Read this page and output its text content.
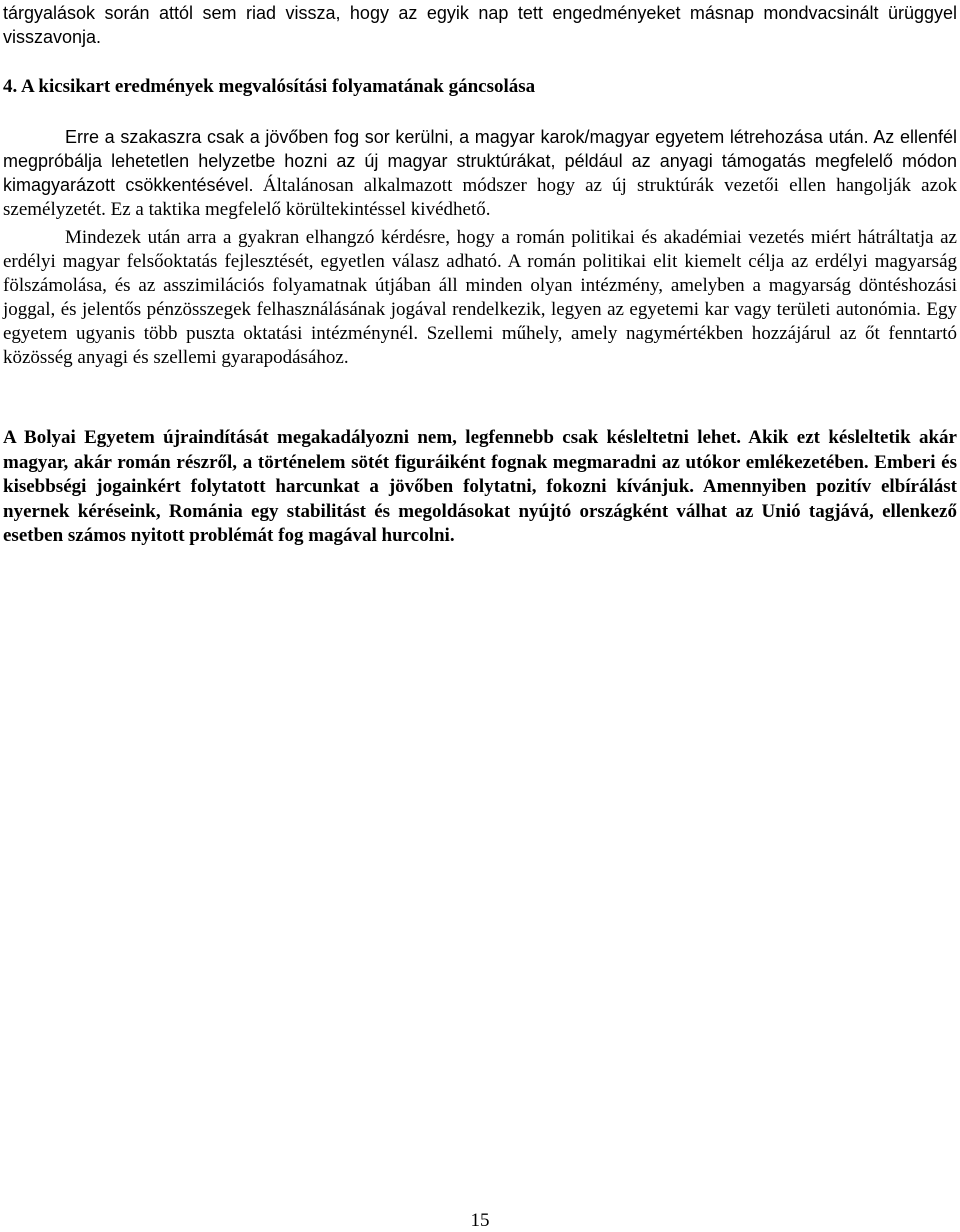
tárgyalások során attól sem riad vissza, hogy az egyik nap tett engedményeket másnap mondvacsinált ürüggyel visszavonja.

4. A kicsikart eredmények megvalósítási folyamatának gáncsolása

Erre a szakaszra csak a jövőben fog sor kerülni, a magyar karok/magyar egyetem létrehozása után. Az ellenfél megpróbálja lehetetlen helyzetbe hozni az új magyar struktúrákat, például az anyagi támogatás megfelelő módon kimagyarázott csökkentésével. Általánosan alkalmazott módszer hogy az új struktúrák vezetői ellen hangolják azok személyzetét. Ez a taktika megfelelő körültekintéssel kivédhető.

Mindezek után arra a gyakran elhangzó kérdésre, hogy a román politikai és akadémiai vezetés miért hátráltatja az erdélyi magyar felsőoktatás fejlesztését, egyetlen válasz adható. A román politikai elit kiemelt célja az erdélyi magyarság fölszámolása, és az asszimilációs folyamatnak útjában áll minden olyan intézmény, amelyben a magyarság döntéshozási joggal, és jelentős pénzösszegek felhasználásának jogával rendelkezik, legyen az egyetemi kar vagy területi autonómia. Egy egyetem ugyanis több puszta oktatási intézménynél. Szellemi műhely, amely nagymértékben hozzájárul az őt fenntartó közösség anyagi és szellemi gyarapodásához.

A Bolyai Egyetem újraindítását megakadályozni nem, legfennebb csak késleltetni lehet. Akik ezt késleltetik akár magyar, akár román részről, a történelem sötét figuráiként fognak megmaradni az utókor emlékezetében. Emberi és kisebbségi jogainkért folytatott harcunkat a jövőben folytatni, fokozni kívánjuk. Amennyiben pozitív elbírálást nyernek kéréseink, Románia egy stabilitást és megoldásokat nyújtó országként válhat az Unió tagjává, ellenkező esetben számos nyitott problémát fog magával hurcolni.

15
